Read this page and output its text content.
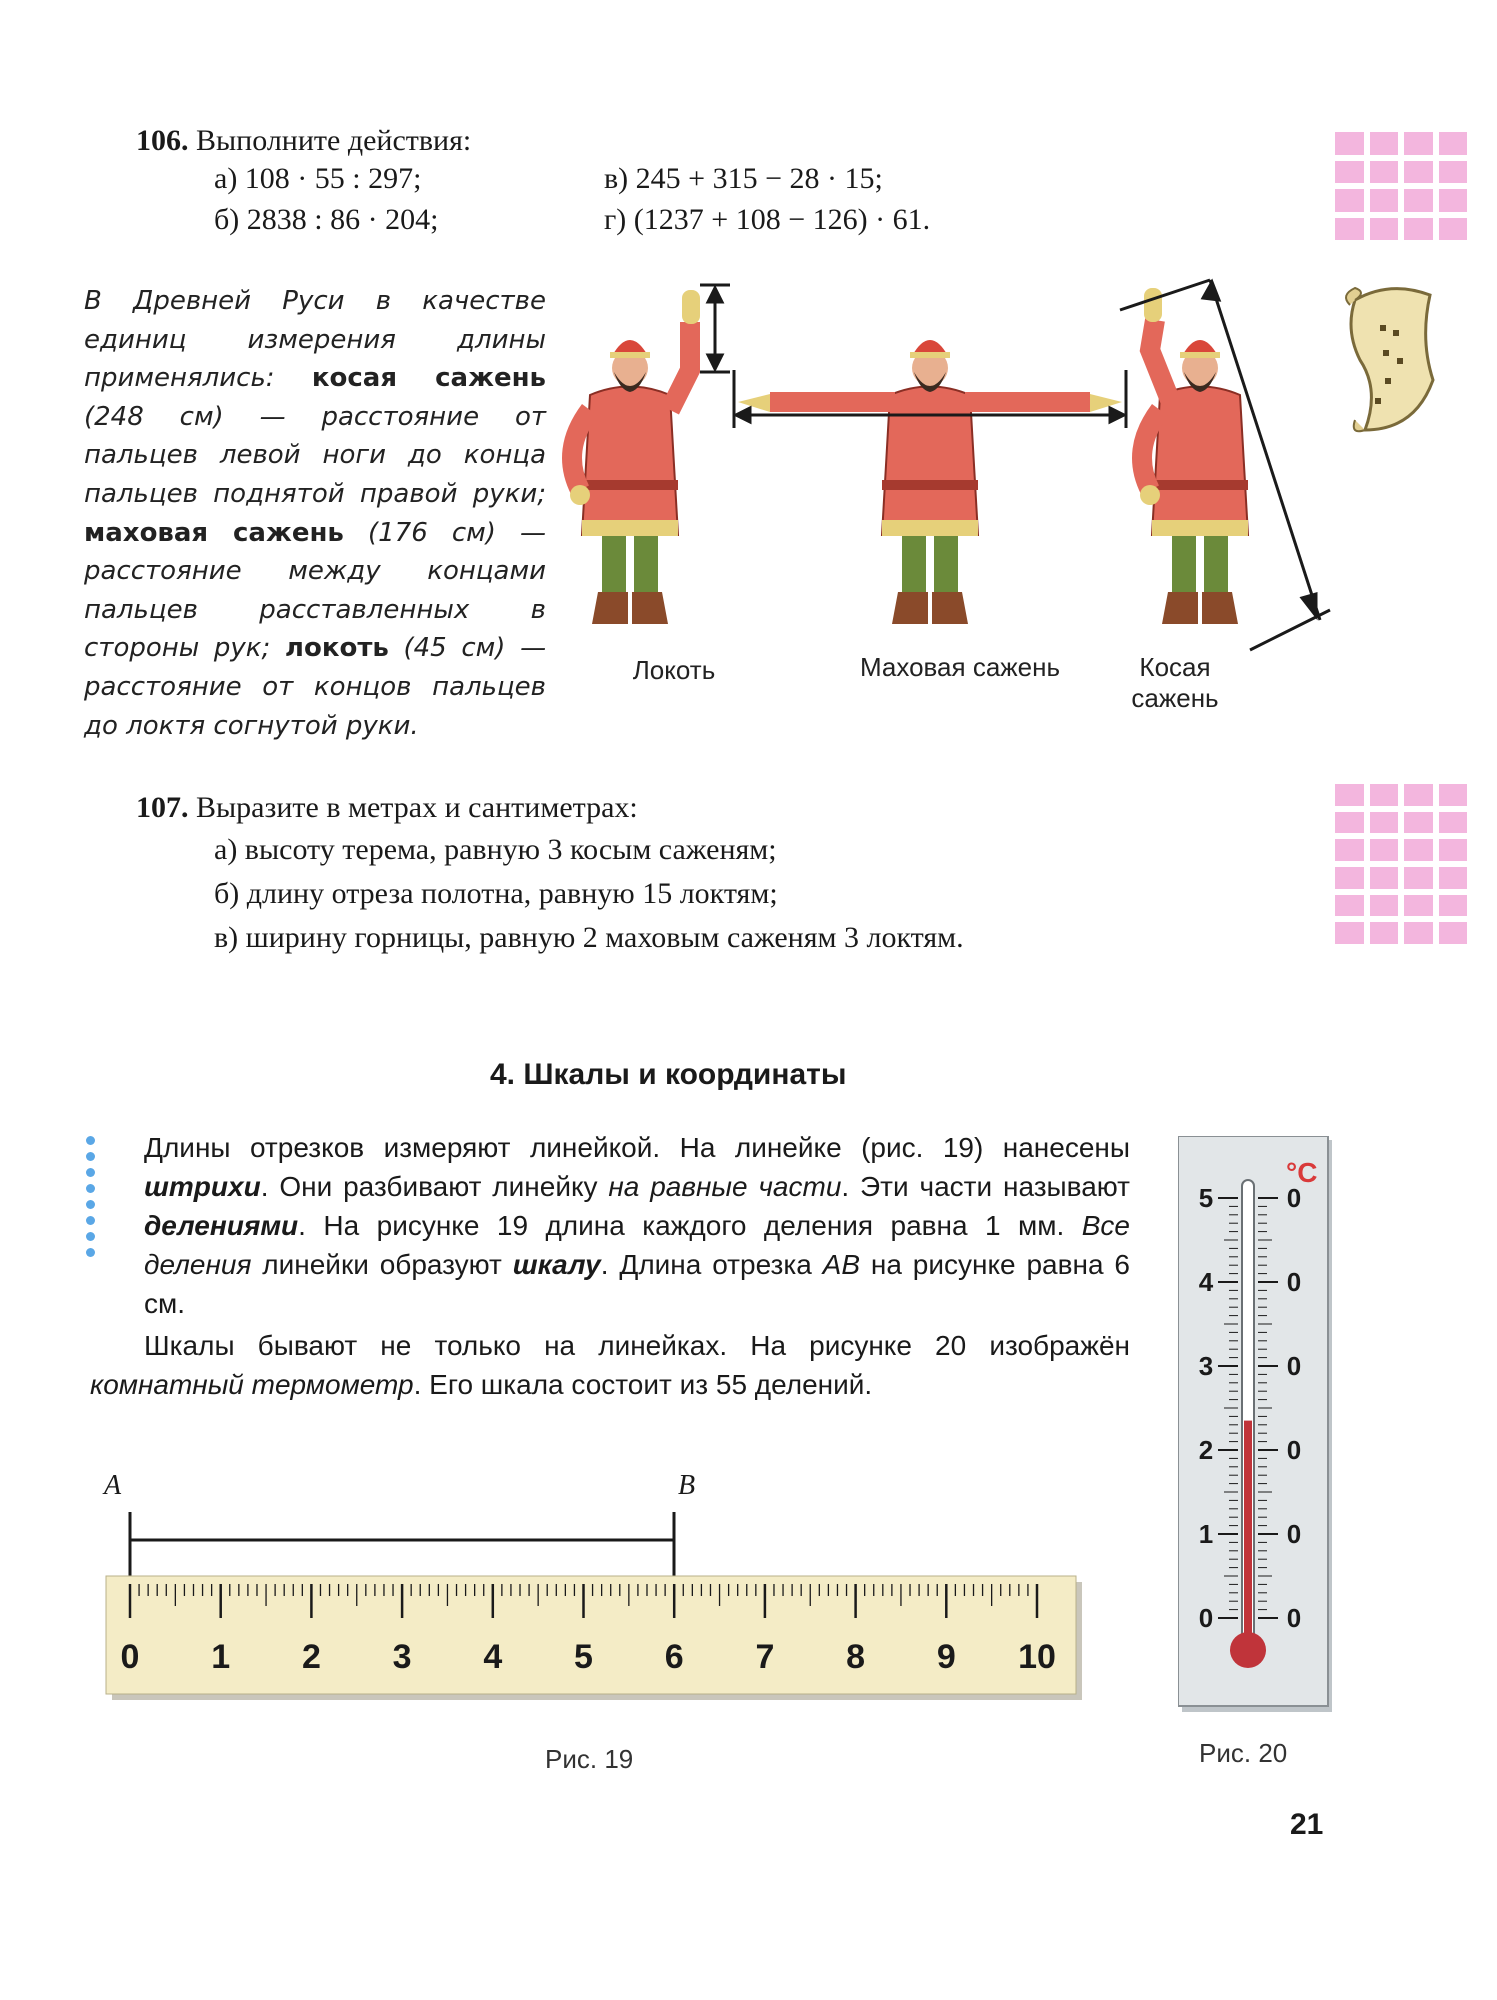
106. Выполните действия:
а) 108 · 55 : 297;
б) 2838 : 86 · 204;
в) 245 + 315 − 28 · 15;
г) (1237 + 108 − 126) · 61.
В Древней Руси в качестве единиц измерения длины применялись: косая сажень (248 см) — расстояние от пальцев левой ноги до конца пальцев поднятой правой руки; маховая сажень (176 см) — расстояние между концами пальцев расставленных в стороны рук; локоть (45 см) — расстояние от концов пальцев до локтя согнутой руки.
Локоть	Маховая сажень	Косая
сажень
107. Выразите в метрах и сантиметрах:
а) высоту терема, равную 3 косым саженям;
б) длину отреза полотна, равную 15 локтям;
в) ширину горницы, равную 2 маховым саженям 3 локтям.
4. Шкалы и координаты
Длины отрезков измеряют линейкой. На линейке (рис. 19) нанесены штрихи. Они разбивают линейку на равные части. Эти части называют делениями. На рисунке 19 длина каждого деления равна 1 мм. Все деления линейки образуют шкалу. Длина отрезка AB на рисунке равна 6 см.
Шкалы бывают не только на линейках. На рисунке 20 изображён комнатный термометр. Его шкала состоит из 55 делений.
A	B
0 1 2 3 4 5 6 7 8 9 10
Рис. 19
°C
5
4
3
2
1
0
0
0
0
0
0
0
Рис. 20
21
